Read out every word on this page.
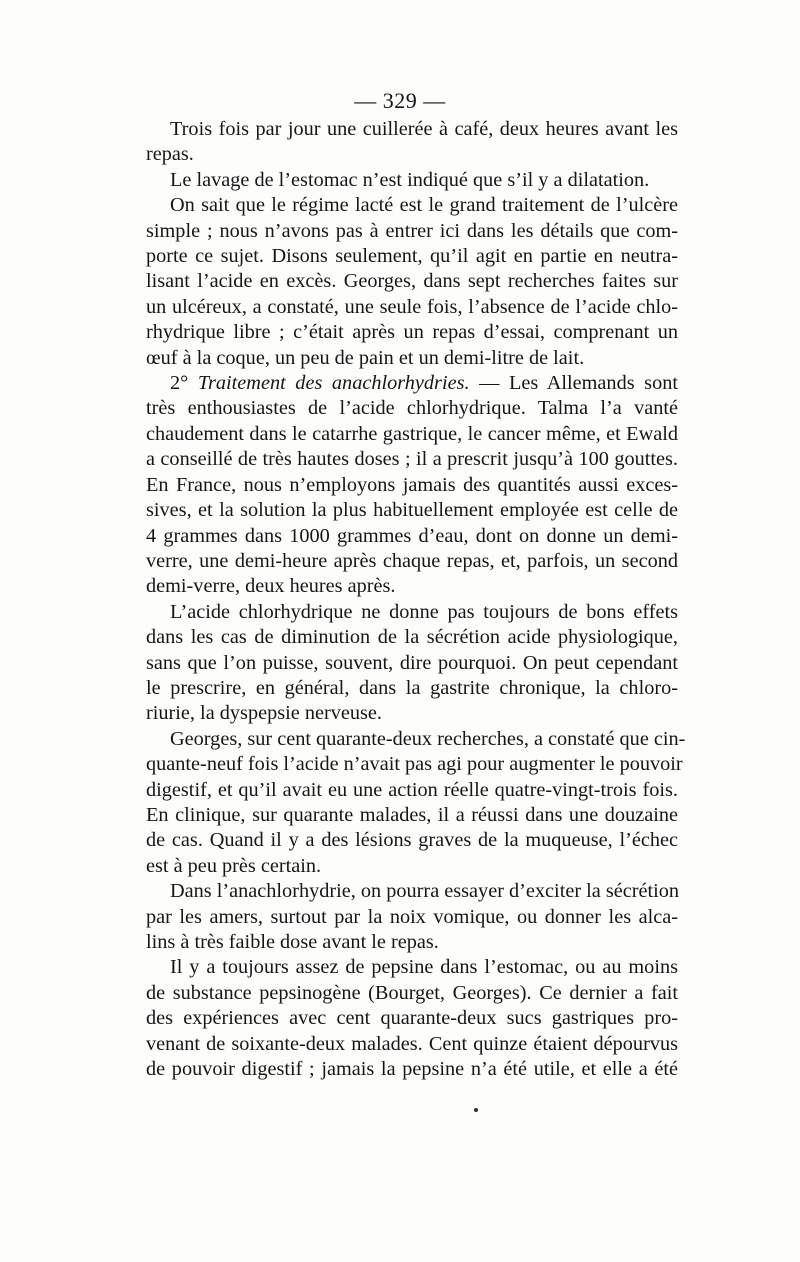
— 329 —

Trois fois par jour une cuillerée à café, deux heures avant les
repas.

Le lavage de l’estomac n’est indiqué que s’il y a dilatation.

On sait que le régime lacté est le grand traitement de l’ulcère
simple ; nous n’avons pas à entrer ici dans les détails que com-
porte ce sujet. Disons seulement, qu’il agit en partie en neutra-
lisant l’acide en excès. Georges, dans sept recherches faites sur
un ulcéreux, a constaté, une seule fois, l’absence de l’acide chlo-
rhydrique libre ; c’était après un repas d’essai, comprenant un
œuf à la coque, un peu de pain et un demi-litre de lait.

2° Traitement des anachlorhydries. — Les Allemands sont
très enthousiastes de l’acide chlorhydrique. Talma l’a vanté
chaudement dans le catarrhe gastrique, le cancer même, et Ewald
a conseillé de très hautes doses ; il a prescrit jusqu’à 100 gouttes.
En France, nous n’employons jamais des quantités aussi exces-
sives, et la solution la plus habituellement employée est celle de
4 grammes dans 1000 grammes d’eau, dont on donne un demi-
verre, une demi-heure après chaque repas, et, parfois, un second
demi-verre, deux heures après.

L’acide chlorhydrique ne donne pas toujours de bons effets
dans les cas de diminution de la sécrétion acide physiologique,
sans que l’on puisse, souvent, dire pourquoi. On peut cependant
le prescrire, en général, dans la gastrite chronique, la chloro-
riurie, la dyspepsie nerveuse.

Georges, sur cent quarante-deux recherches, a constaté que cin-
quante-neuf fois l’acide n’avait pas agi pour augmenter le pouvoir
digestif, et qu’il avait eu une action réelle quatre-vingt-trois fois.
En clinique, sur quarante malades, il a réussi dans une douzaine
de cas. Quand il y a des lésions graves de la muqueuse, l’échec
est à peu près certain.

Dans l’anachlorhydrie, on pourra essayer d’exciter la sécrétion
par les amers, surtout par la noix vomique, ou donner les alca-
lins à très faible dose avant le repas.

Il y a toujours assez de pepsine dans l’estomac, ou au moins
de substance pepsinogène (Bourget, Georges). Ce dernier a fait
des expériences avec cent quarante-deux sucs gastriques pro-
venant de soixante-deux malades. Cent quinze étaient dépourvus
de pouvoir digestif ; jamais la pepsine n’a été utile, et elle a été
